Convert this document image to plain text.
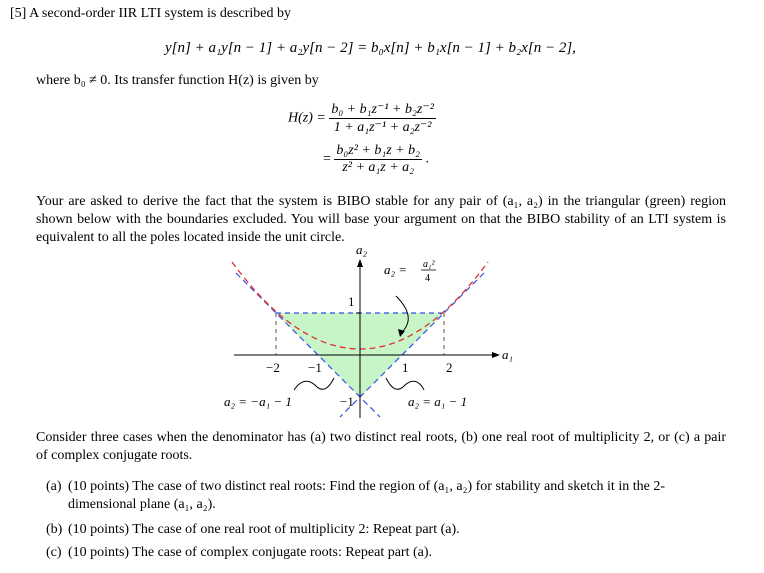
[5] A second-order IIR LTI system is described by
y[n] + a₁y[n − 1] + a₂y[n − 2] = b₀x[n] + b₁x[n − 1] + b₂x[n − 2],
where b₀ ≠ 0. Its transfer function H(z) is given by
$H(z) = \frac{\text{b₀ + b₁z⁻¹ + b₂z⁻²}}{\text{1 + a₁z⁻¹ + a₂z⁻²}}$
= $\frac{\text{b₀z² + b₁z + b₂}}{\text{z² + a₁z + a₂}}$ .
Your are asked to derive the fact that the system is BIBO stable for any pair of (a₁, a₂) in the triangular (green) region shown below with the boundaries excluded. You will base your argument on that the BIBO stability of an LTI system is equivalent to all the poles located inside the unit circle.
a₂
a₁
1
−2 −1	1	2
−1
a₂ = a₁²
4
a₂ = −a₁ − 1	a₂ = a₁ − 1
Consider three cases when the denominator has (a) two distinct real roots, (b) one real root of multiplicity 2, or (c) a pair of complex conjugate roots.
(a) (10 points) The case of two distinct real roots: Find the region of (a₁, a₂) for stability and sketch it in the 2-dimensional plane (a₁, a₂).
(b) (10 points) The case of one real root of multiplicity 2: Repeat part (a).
(c) (10 points) The case of complex conjugate roots: Repeat part (a).
